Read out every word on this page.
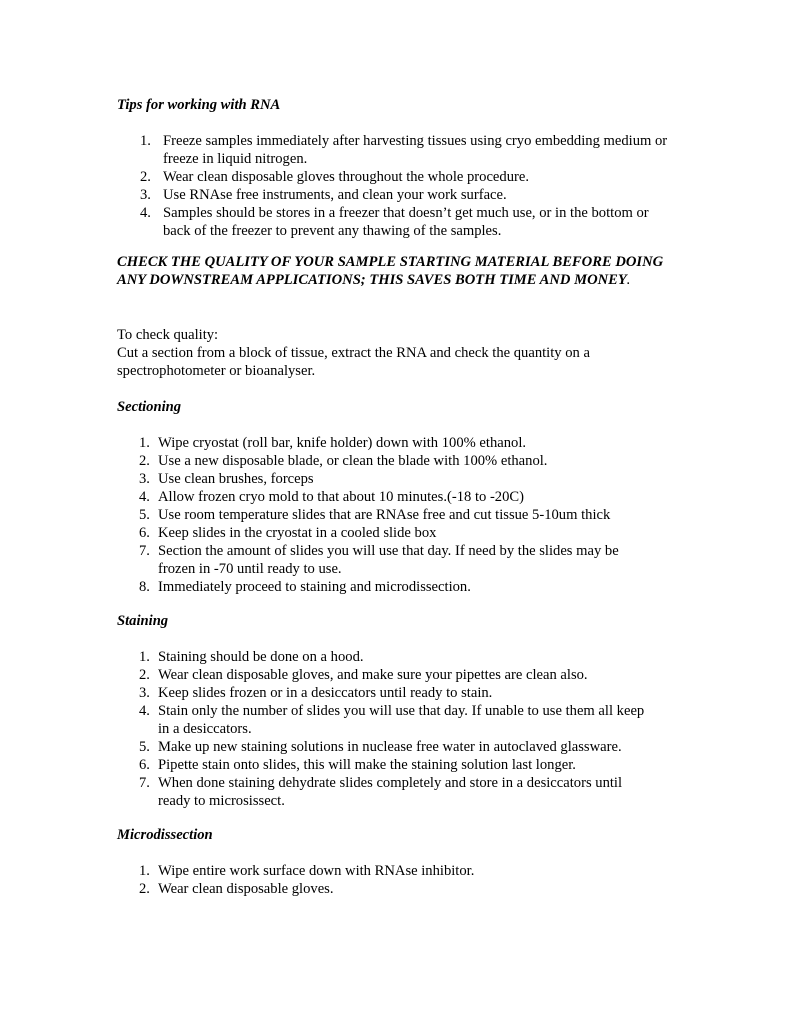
Tips for working with RNA
1. Freeze samples immediately after harvesting tissues using cryo embedding medium or freeze in liquid nitrogen.
2. Wear clean disposable gloves throughout the whole procedure.
3. Use RNAse free instruments, and clean your work surface.
4. Samples should be stores in a freezer that doesn’t get much use, or in the bottom or back of the freezer to prevent any thawing of the samples.
CHECK THE QUALITY OF YOUR SAMPLE STARTING MATERIAL BEFORE DOING ANY DOWNSTREAM APPLICATIONS; THIS SAVES BOTH TIME AND MONEY.
To check quality:
Cut a section from a block of tissue, extract the RNA and check the quantity on a spectrophotometer or bioanalyser.
Sectioning
1. Wipe cryostat (roll bar, knife holder) down with 100% ethanol.
2. Use a new disposable blade, or clean the blade with 100% ethanol.
3. Use clean brushes, forceps
4. Allow frozen cryo mold to that about 10 minutes.(-18 to -20C)
5. Use room temperature slides that are RNAse free and cut tissue 5-10um thick
6. Keep slides in the cryostat in a cooled slide box
7. Section the amount of slides you will use that day. If need by the slides may be frozen in -70 until ready to use.
8. Immediately proceed to staining and microdissection.
Staining
1. Staining should be done on a hood.
2. Wear clean disposable gloves, and make sure your pipettes are clean also.
3. Keep slides frozen or in a desiccators until ready to stain.
4. Stain only the number of slides you will use that day. If unable to use them all keep in a desiccators.
5. Make up new staining solutions in nuclease free water in autoclaved glassware.
6. Pipette stain onto slides, this will make the staining solution last longer.
7. When done staining dehydrate slides completely and store in a desiccators until ready to microsissect.
Microdissection
1. Wipe entire work surface down with RNAse inhibitor.
2. Wear clean disposable gloves.
